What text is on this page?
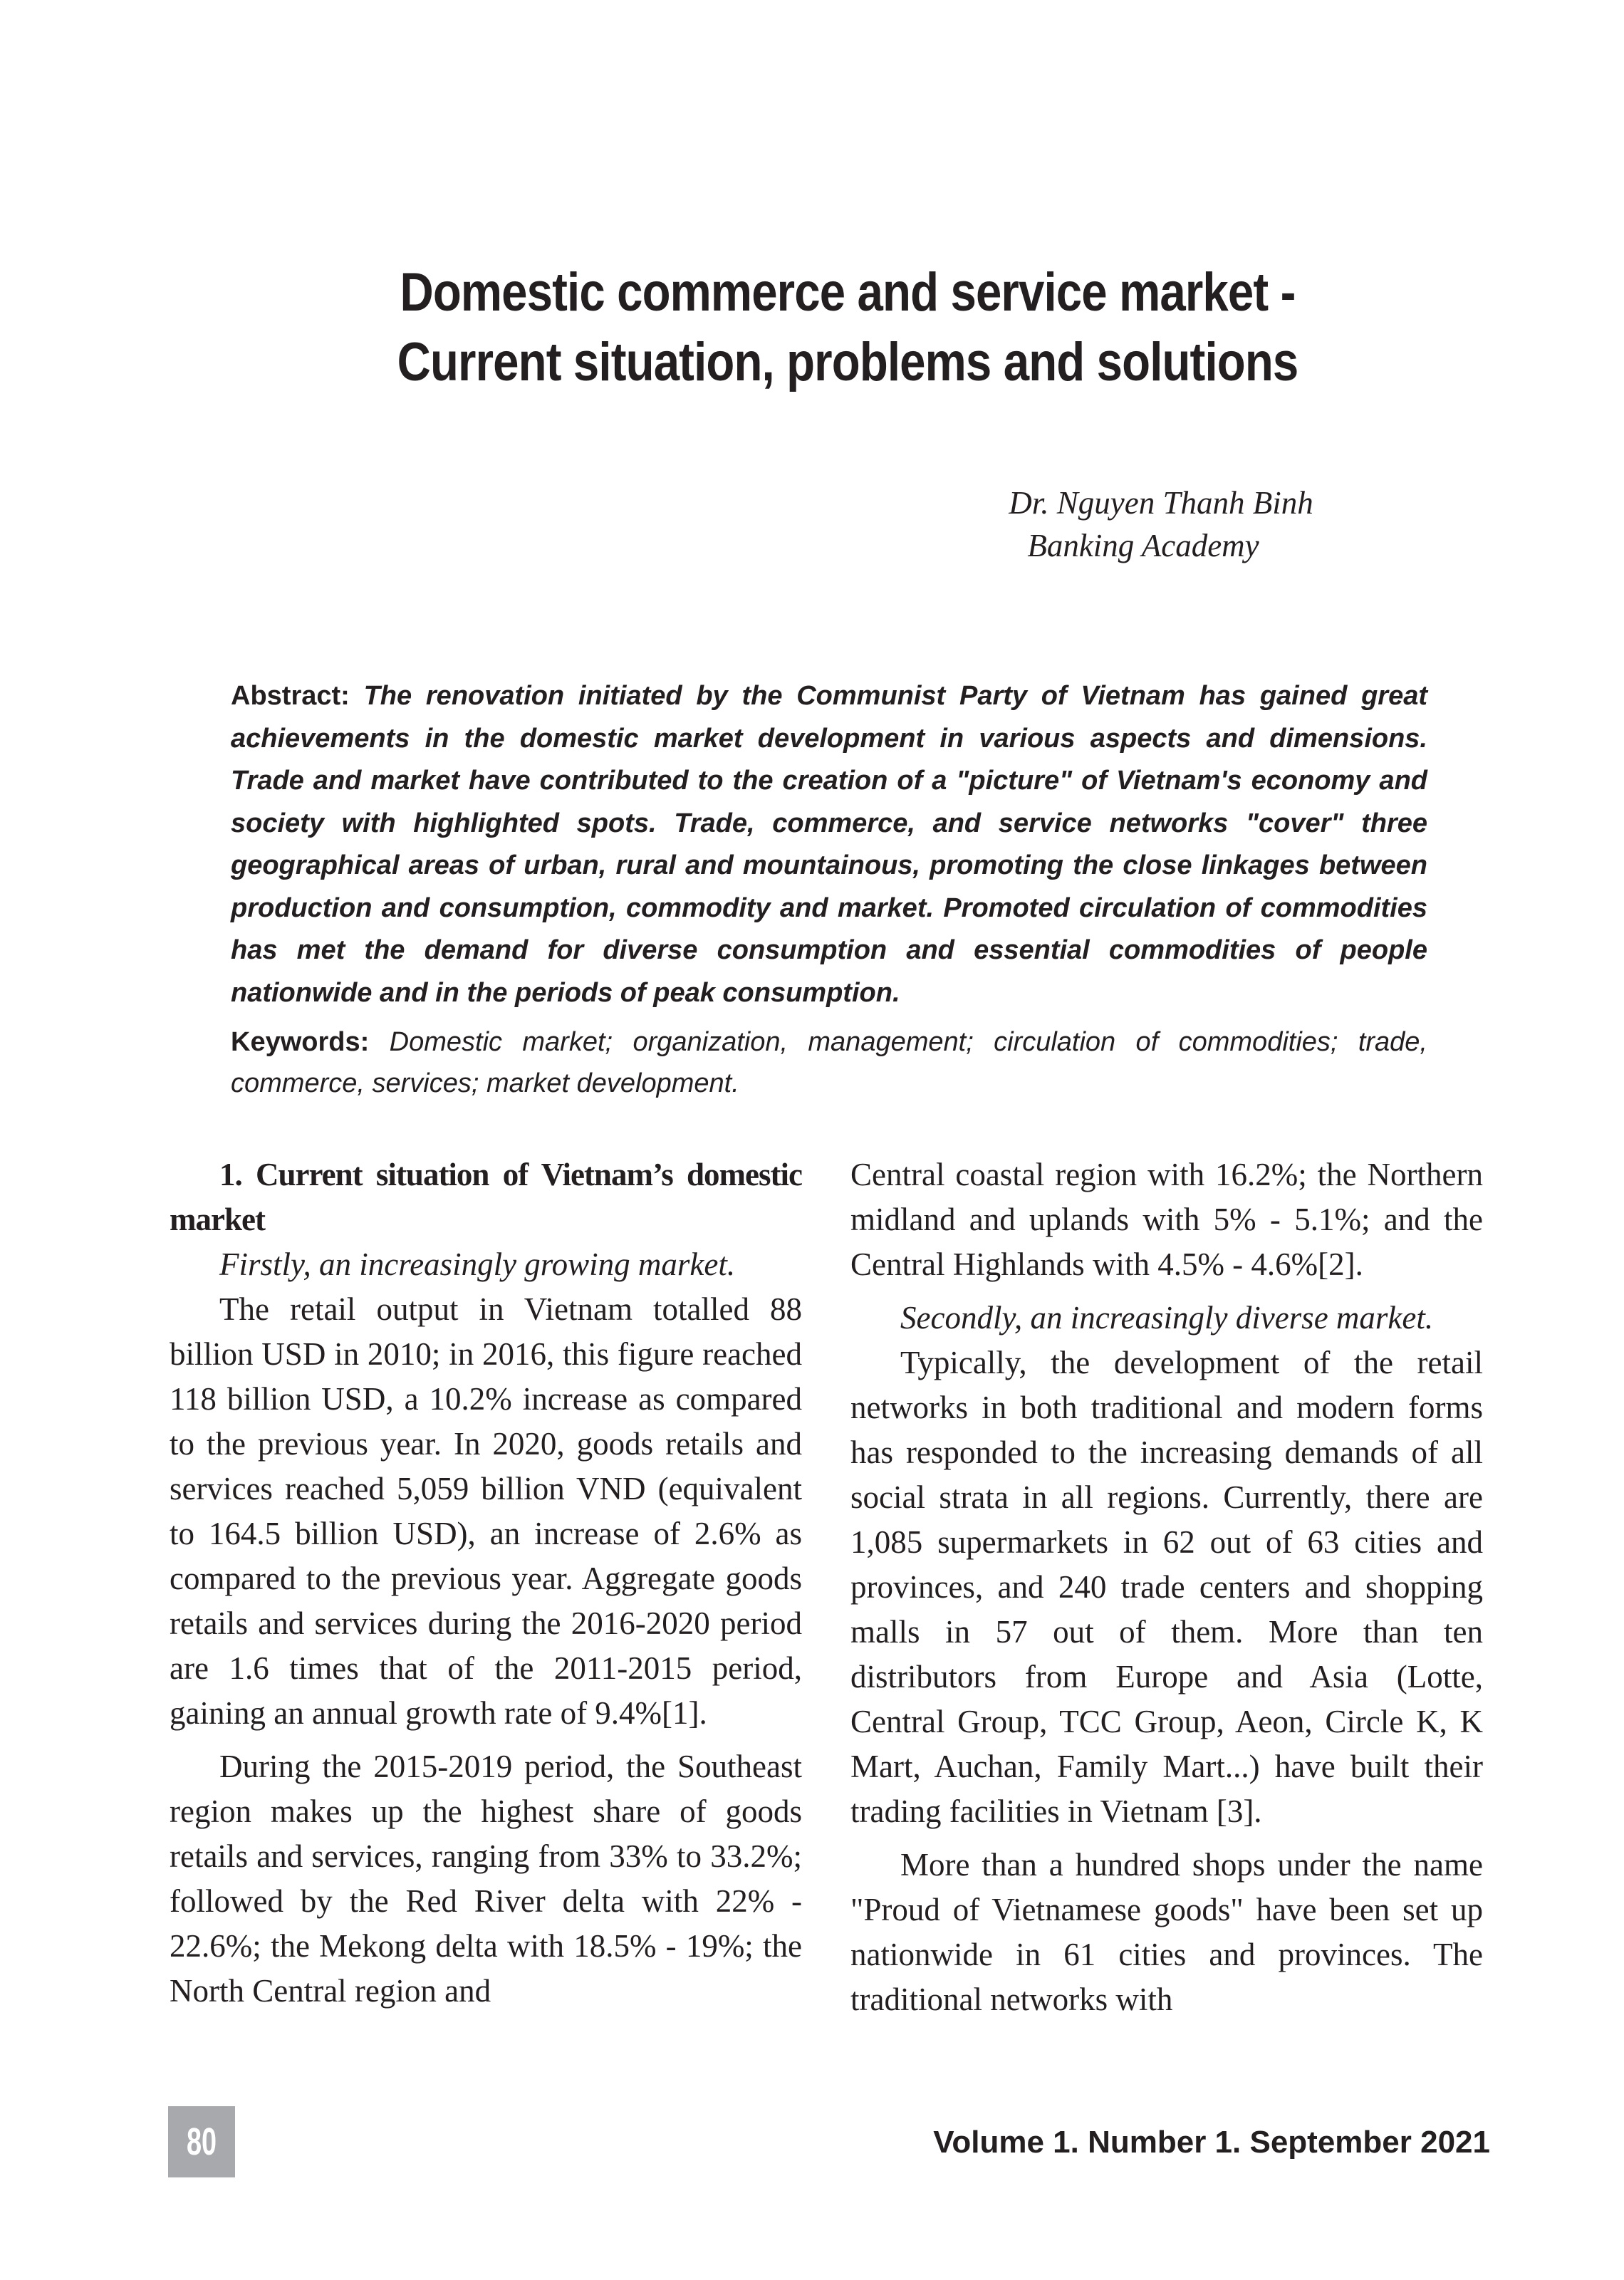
Domestic commerce and service market -
Current situation, problems and solutions
Dr. Nguyen Thanh Binh
Banking Academy

Abstract: The renovation initiated by the Communist Party of Vietnam has gained great achievements in the domestic market development in various aspects and dimensions. Trade and market have contributed to the creation of a "picture" of Vietnam's economy and society with highlighted spots. Trade, commerce, and service networks "cover" three geographical areas of urban, rural and mountainous, promoting the close linkages between production and consumption, commodity and market. Promoted circulation of commodities has met the demand for diverse consumption and essential commodities of people nationwide and in the periods of peak consumption.

Keywords: Domestic market; organization, management; circulation of commodities; trade, commerce, services; market development.

1. Current situation of Vietnam’s domestic market

Firstly, an increasingly growing market.

The retail output in Vietnam totalled 88 billion USD in 2010; in 2016, this figure reached 118 billion USD, a 10.2% increase as compared to the previous year. In 2020, goods retails and services reached 5,059 billion VND (equivalent to 164.5 billion USD), an increase of 2.6% as compared to the previous year. Aggregate goods retails and services during the 2016-2020 period are 1.6 times that of the 2011-2015 period, gaining an annual growth rate of 9.4%[1].

During the 2015-2019 period, the Southeast region makes up the highest share of goods retails and services, ranging from 33% to 33.2%; followed by the Red River delta with 22% - 22.6%; the Mekong delta with 18.5% - 19%; the North Central region and

Central coastal region with 16.2%; the Northern midland and uplands with 5% - 5.1%; and the Central Highlands with 4.5% - 4.6%[2].

Secondly, an increasingly diverse market.

Typically, the development of the retail networks in both traditional and modern forms has responded to the increasing demands of all social strata in all regions. Currently, there are 1,085 supermarkets in 62 out of 63 cities and provinces, and 240 trade centers and shopping malls in 57 out of them. More than ten distributors from Europe and Asia (Lotte, Central Group, TCC Group, Aeon, Circle K, K Mart, Auchan, Family Mart...) have built their trading facilities in Vietnam [3].

More than a hundred shops under the name "Proud of Vietnamese goods" have been set up nationwide in 61 cities and provinces. The traditional networks with

80	Volume 1. Number 1. September 2021
